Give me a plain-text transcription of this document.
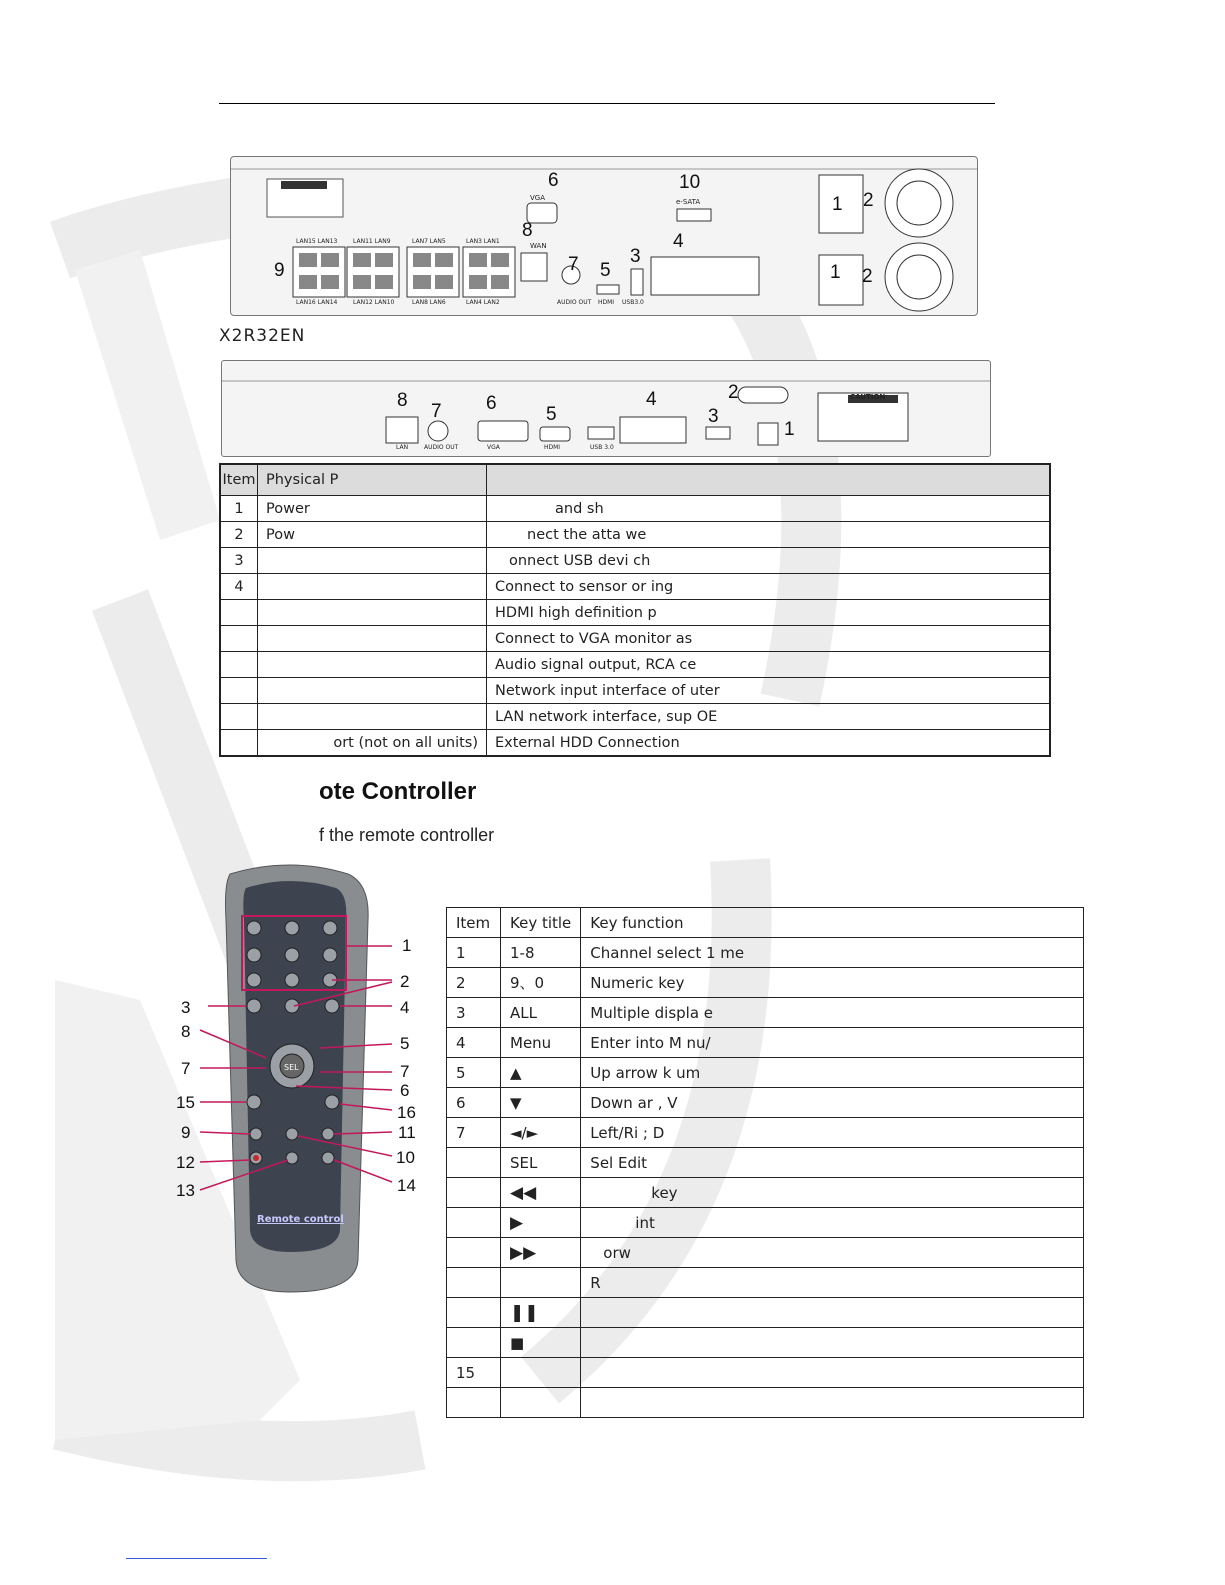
6	10
8
7 5
3
4
9
1 2
1 2
VGA	e-SATA
WAN
AUDIO OUT HDMI USB3.0
LAN15 LAN13	LAN11 LAN9	LAN7 LAN5	LAN3 LAN1
LAN16 LAN14	LAN12 LAN10	LAN8 LAN6	LAN4 LAN2
X2R32EN
8
7 6
5
4	2
3
1
LAN	AUDIO OUT	VGA	HDMI	USB 3.0
CAUTION
Item	Physical P	
1	Power	and sh
2	Pow	nect the atta we
3		onnect USB devi ch
4		Connect to sensor or ing
		HDMI high definition p
		Connect to VGA monitor as
		Audio signal output, RCA ce
		Network input interface of uter
		LAN network interface, sup OE
	ort (not on all units)	External HDD Connection
ote Controller
f the remote controller
SEL
Remote control
1
2
3	4
8
5
7	7
6
15
16
9	11
10
12
13	14
Item	Key title	Key function
1	1-8	Channel select 1 me
2	9、0	Numeric key
3	ALL	Multiple displa e
4	Menu	Enter into M nu/
5	▲	Up arrow k um
6	▼	Down ar , V
7	◄/►	Left/Ri ; D
	SEL	Sel Edit
	◀◀	key
	▶	int
	▶▶	orw
		R
	❚❚	
	■	
15		
